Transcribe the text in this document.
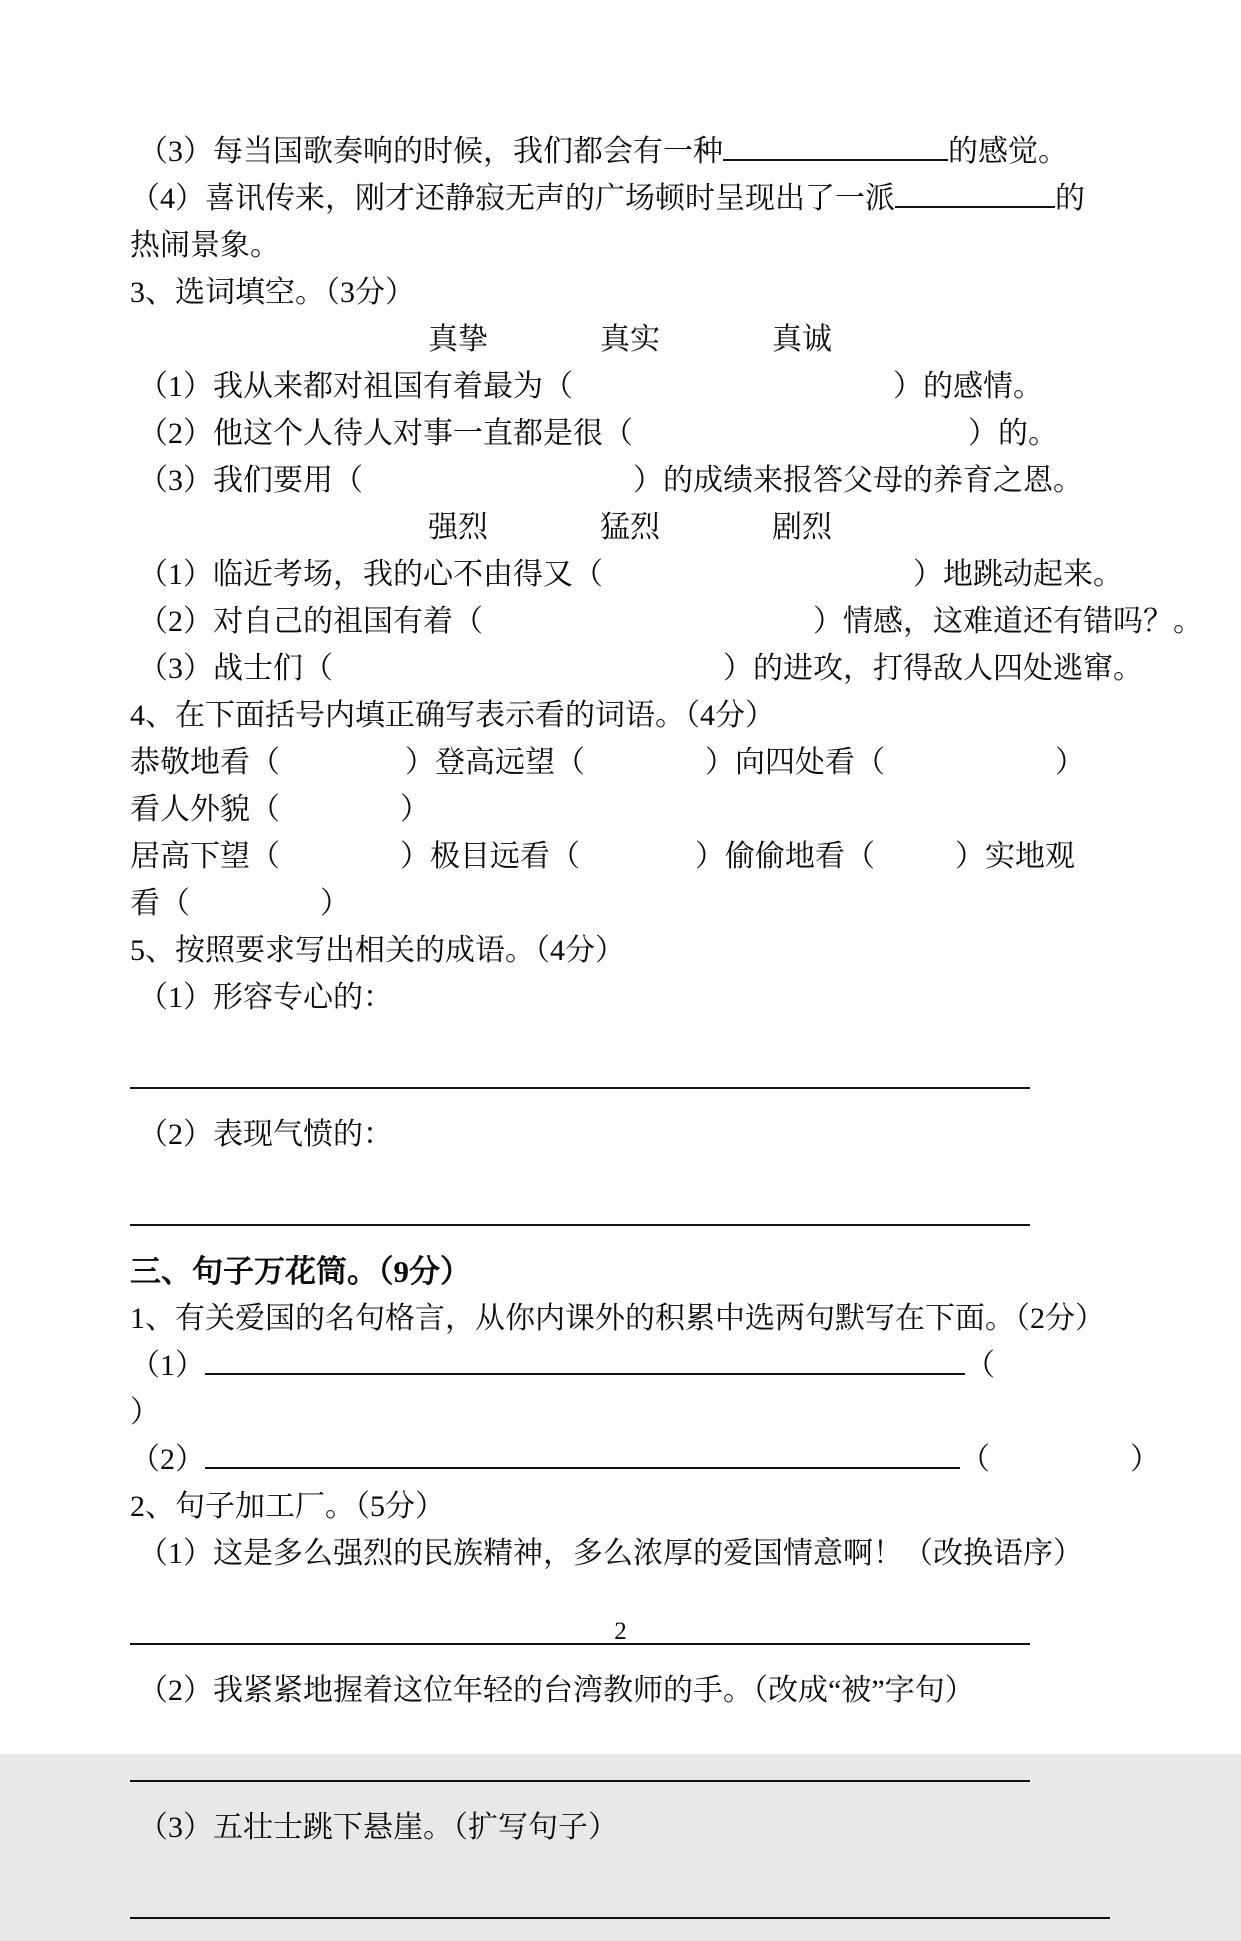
（3）每当国歌奏响的时候，我们都会有一种	的感觉。
（4）喜讯传来，刚才还静寂无声的广场顿时呈现出了一派	的
热闹景象。
3、选词填空。（3分）
真挚	真实	真诚
（1）我从来都对祖国有着最为（	）的感情。
（2）他这个人待人对事一直都是很（	）的。
（3）我们要用（	）的成绩来报答父母的养育之恩。
强烈	猛烈	剧烈
（1）临近考场，我的心不由得又（	）地跳动起来。
（2）对自己的祖国有着（	）情感，这难道还有错吗？。
（3）战士们（	）的进攻，打得敌人四处逃窜。
4、在下面括号内填正确写表示看的词语。（4分）
恭敬地看（	）登高远望（	）向四处看（	）
看人外貌（	）
居高下望（	）极目远看（	）偷偷地看（	）实地观
看（	）
5、按照要求写出相关的成语。（4分）
（1）形容专心的：
（2）表现气愤的：
三、句子万花筒。（9分）
1、有关爱国的名句格言，从你内课外的积累中选两句默写在下面。（2分）
（1）	（
）
（2）	（	）
2、句子加工厂。（5分）
（1）这是多么强烈的民族精神，多么浓厚的爱国情意啊！（改换语序）
（2）我紧紧地握着这位年轻的台湾教师的手。（改成“被”字句）
（3）五壮士跳下悬崖。（扩写句子）
2
